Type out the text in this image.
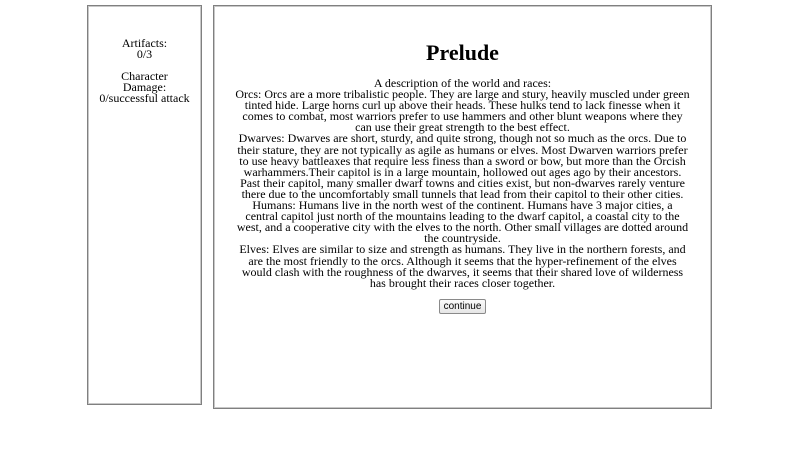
Artifacts:
0/3
Character
Damage:
0/successful attack
Prelude
A description of the world and races:
Orcs: Orcs are a more tribalistic people. They are large and stury, heavily muscled under green tinted hide. Large horns curl up above their heads. These hulks tend to lack finesse when it comes to combat, most warriors prefer to use hammers and other blunt weapons where they can use their great strength to the best effect.
Dwarves: Dwarves are short, sturdy, and quite strong, though not so much as the orcs. Due to their stature, they are not typically as agile as humans or elves. Most Dwarven warriors prefer to use heavy battleaxes that require less finess than a sword or bow, but more than the Orcish warhammers.Their capitol is in a large mountain, hollowed out ages ago by their ancestors. Past their capitol, many smaller dwarf towns and cities exist, but non-dwarves rarely venture there due to the uncomfortably small tunnels that lead from their capitol to their other cities.
Humans: Humans live in the north west of the continent. Humans have 3 major cities, a central capitol just north of the mountains leading to the dwarf capitol, a coastal city to the west, and a cooperative city with the elves to the north. Other small villages are dotted around the countryside.
Elves: Elves are similar to size and strength as humans. They live in the northern forests, and are the most friendly to the orcs. Although it seems that the hyper-refinement of the elves would clash with the roughness of the dwarves, it seems that their shared love of wilderness has brought their races closer together.
continue
